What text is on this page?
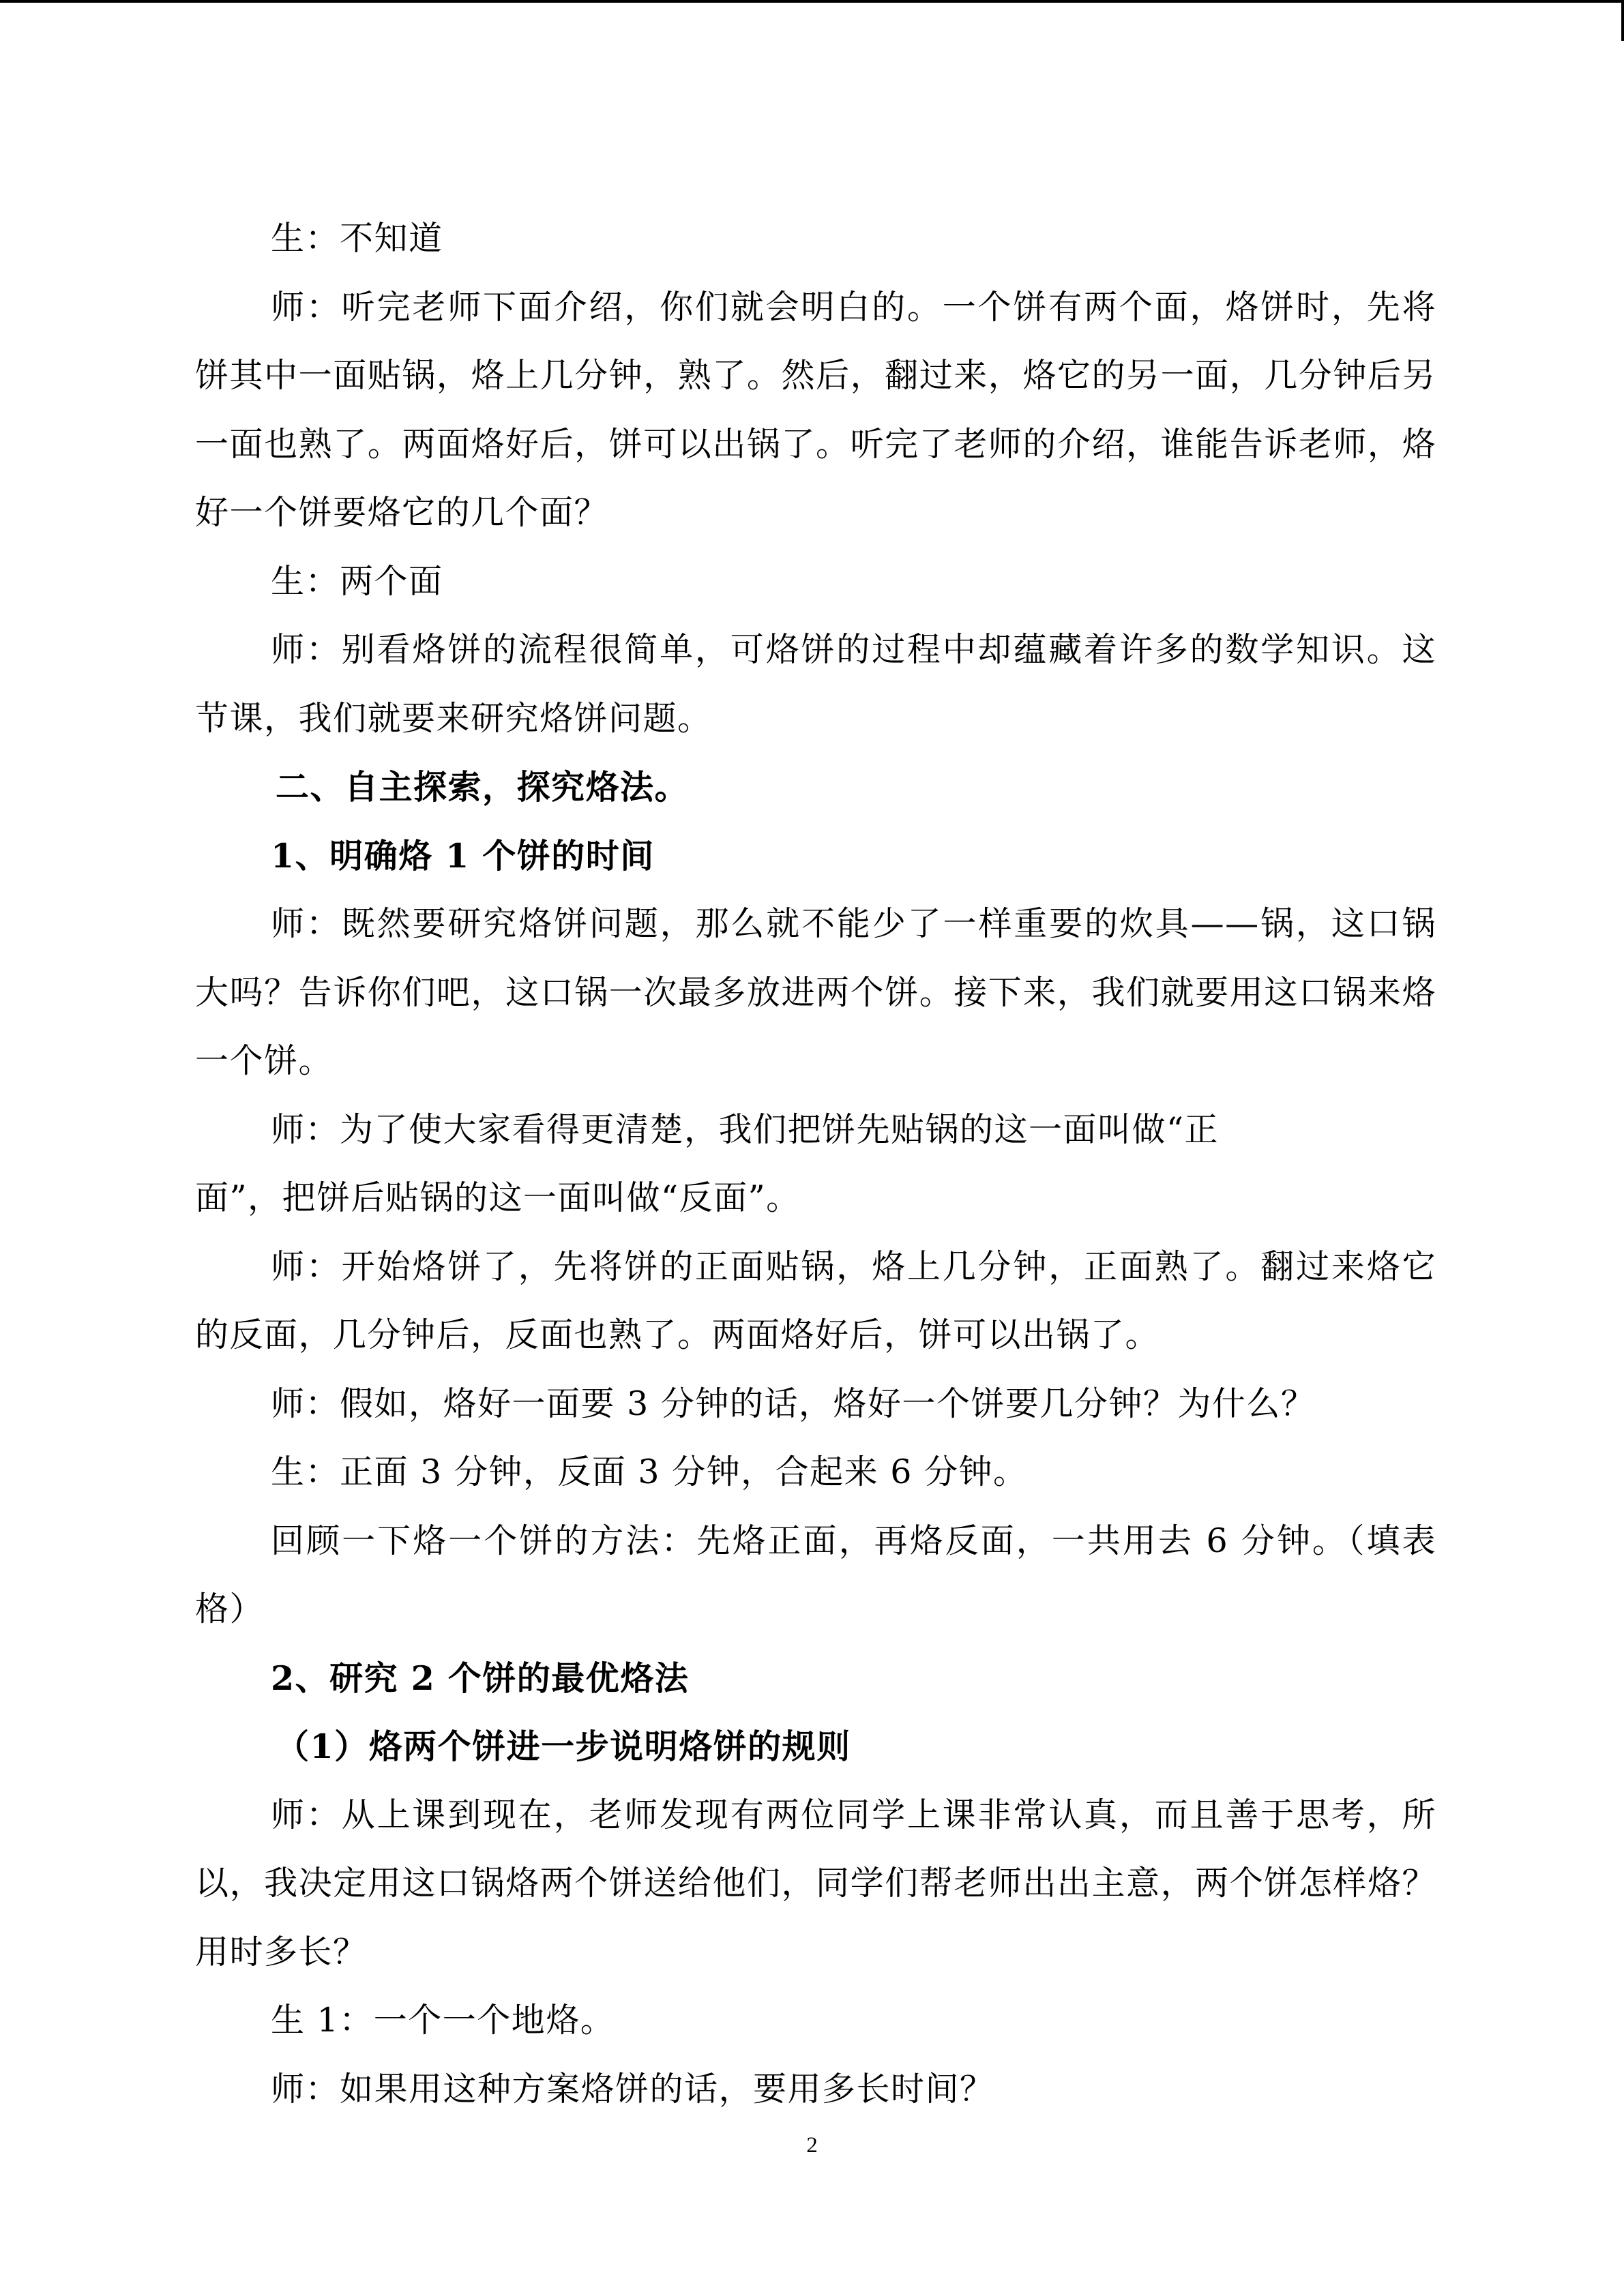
生：不知道

师：听完老师下面介绍，你们就会明白的。一个饼有两个面，烙饼时，先将饼其中一面贴锅，烙上几分钟，熟了。然后，翻过来，烙它的另一面，几分钟后另一面也熟了。两面烙好后，饼可以出锅了。听完了老师的介绍，谁能告诉老师，烙好一个饼要烙它的几个面？

生：两个面

师：别看烙饼的流程很简单，可烙饼的过程中却蕴藏着许多的数学知识。这节课，我们就要来研究烙饼问题。

二、自主探索，探究烙法。

1、明确烙 1 个饼的时间

师：既然要研究烙饼问题，那么就不能少了一样重要的炊具——锅，这口锅大吗？告诉你们吧，这口锅一次最多放进两个饼。接下来，我们就要用这口锅来烙一个饼。

师：为了使大家看得更清楚，我们把饼先贴锅的这一面叫做“正
面”，把饼后贴锅的这一面叫做“反面”。

师：开始烙饼了，先将饼的正面贴锅，烙上几分钟，正面熟了。翻过来烙它的反面，几分钟后，反面也熟了。两面烙好后，饼可以出锅了。

师：假如，烙好一面要 3 分钟的话，烙好一个饼要几分钟？为什么？

生：正面 3 分钟，反面 3 分钟，合起来 6 分钟。

回顾一下烙一个饼的方法：先烙正面，再烙反面，一共用去 6 分钟。（填表格）

2、研究 2 个饼的最优烙法

（1）烙两个饼进一步说明烙饼的规则

师：从上课到现在，老师发现有两位同学上课非常认真，而且善于思考，所以，我决定用这口锅烙两个饼送给他们，同学们帮老师出出主意，两个饼怎样烙？用时多长？

生 1：一个一个地烙。

师：如果用这种方案烙饼的话，要用多长时间？

2
